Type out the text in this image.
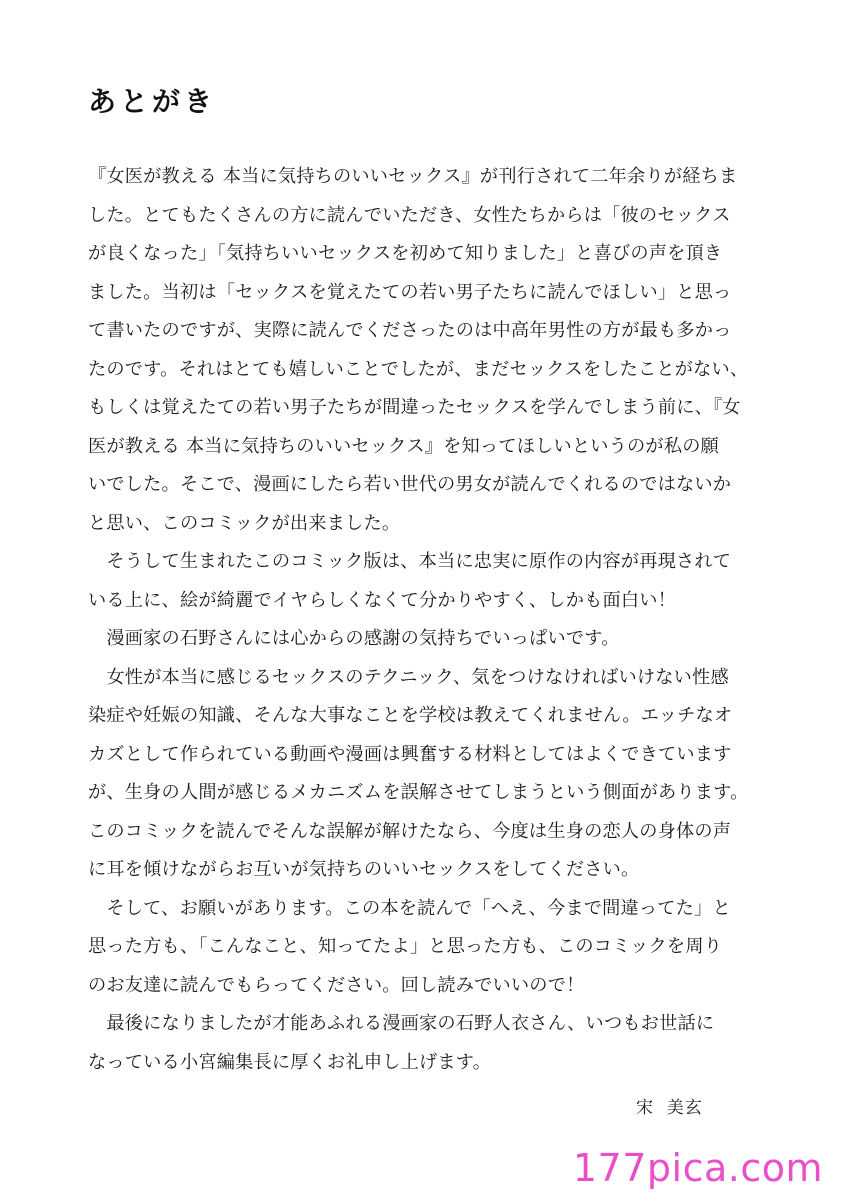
あとがき
『女医が教える 本当に気持ちのいいセックス』が刊行されて二年余りが経ちま
した。とてもたくさんの方に読んでいただき、女性たちからは「彼のセックス
が良くなった」「気持ちいいセックスを初めて知りました」と喜びの声を頂き
ました。当初は「セックスを覚えたての若い男子たちに読んでほしい」と思っ
て書いたのですが、実際に読んでくださったのは中高年男性の方が最も多かっ
たのです。それはとても嬉しいことでしたが、まだセックスをしたことがない、
もしくは覚えたての若い男子たちが間違ったセックスを学んでしまう前に、『女
医が教える 本当に気持ちのいいセックス』を知ってほしいというのが私の願
いでした。そこで、漫画にしたら若い世代の男女が読んでくれるのではないか
と思い、このコミックが出来ました。
　そうして生まれたこのコミック版は、本当に忠実に原作の内容が再現されて
いる上に、絵が綺麗でイヤらしくなくて分かりやすく、しかも面白い！
　漫画家の石野さんには心からの感謝の気持ちでいっぱいです。
　女性が本当に感じるセックスのテクニック、気をつけなければいけない性感
染症や妊娠の知識、そんな大事なことを学校は教えてくれません。エッチなオ
カズとして作られている動画や漫画は興奮する材料としてはよくできています
が、生身の人間が感じるメカニズムを誤解させてしまうという側面があります。
このコミックを読んでそんな誤解が解けたなら、今度は生身の恋人の身体の声
に耳を傾けながらお互いが気持ちのいいセックスをしてください。
　そして、お願いがあります。この本を読んで「へえ、今まで間違ってた」と
思った方も、「こんなこと、知ってたよ」と思った方も、このコミックを周り
のお友達に読んでもらってください。回し読みでいいので！
　最後になりましたが才能あふれる漫画家の石野人衣さん、いつもお世話に
なっている小宮編集長に厚くお礼申し上げます。
宋  美玄
177pica.com
